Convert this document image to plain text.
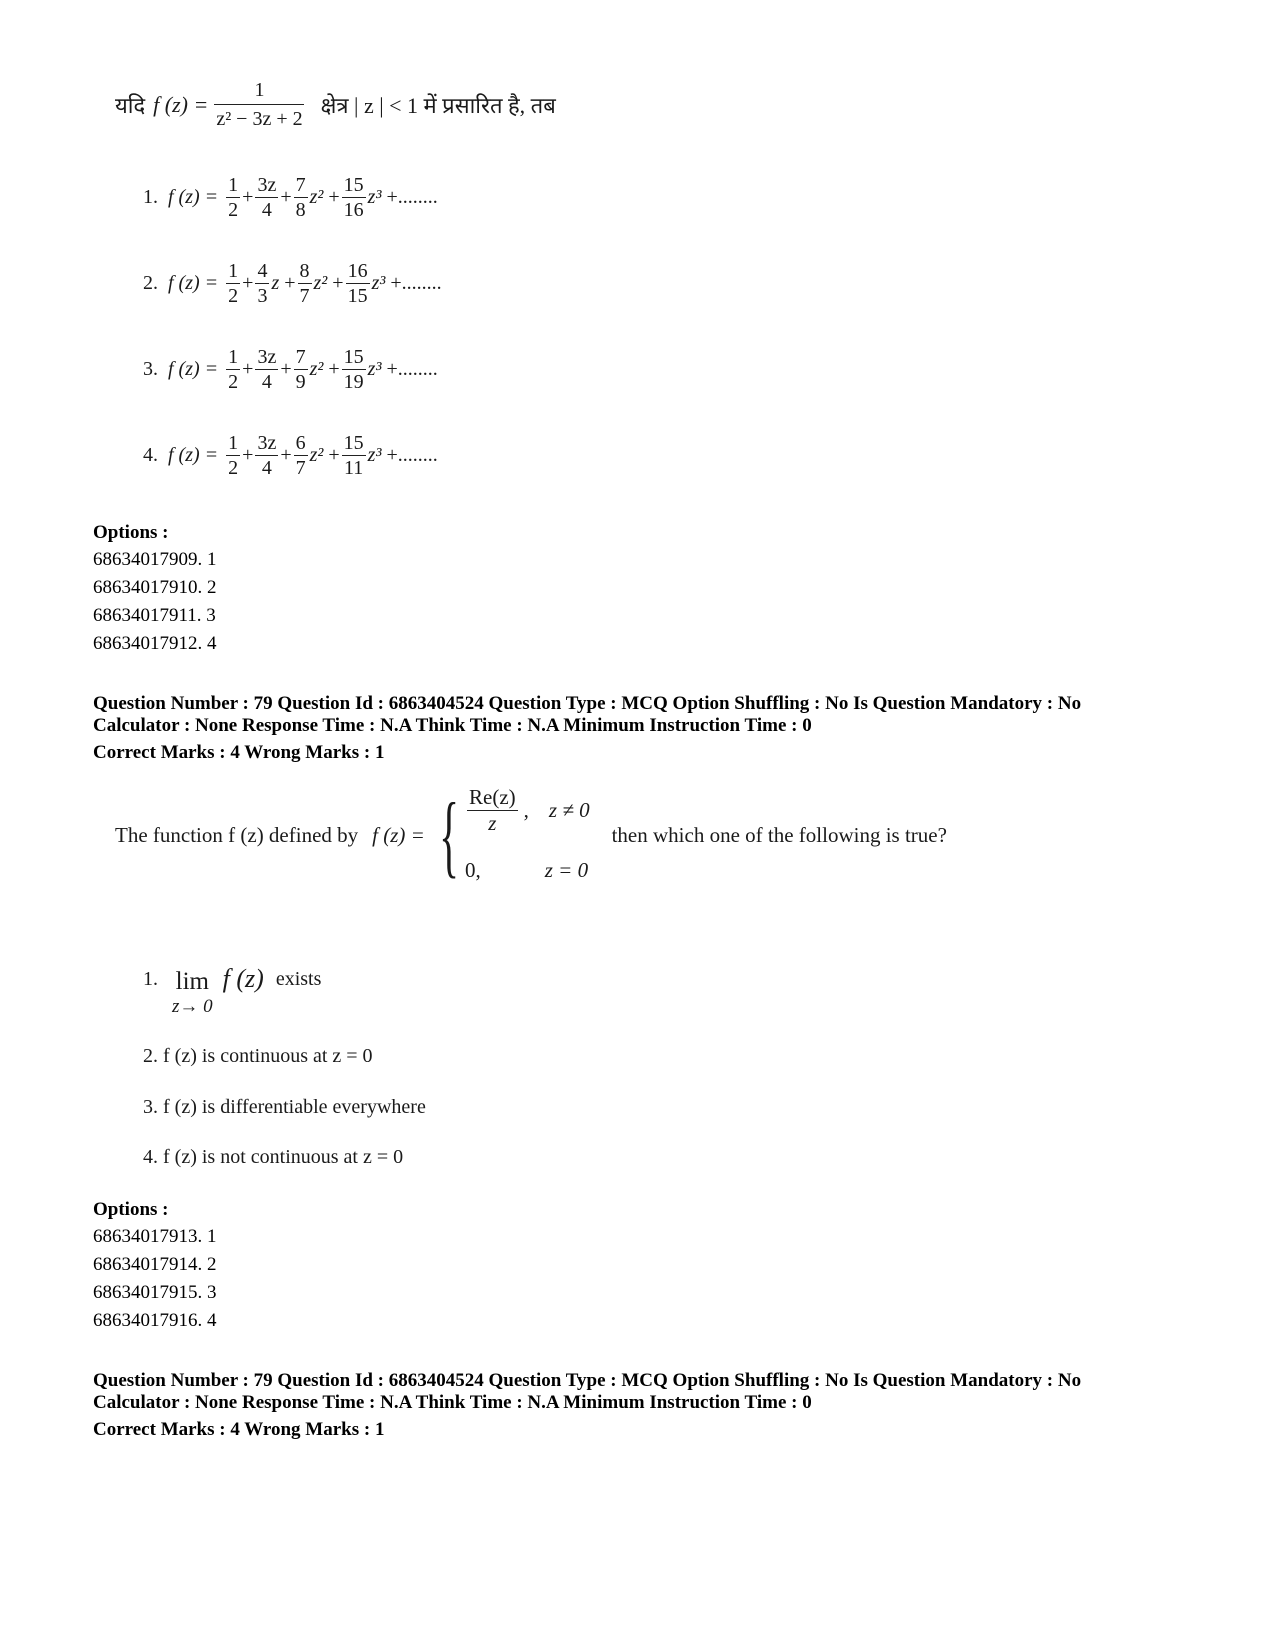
यदि f $(z) = \frac{1}{\text{z² − 3z + 2}}$ क्षेत्र | z | < 1 में प्रसारित है, तब
1. f $(z) = \frac{1}{2} + \frac{3z}{4} + \frac{7}{8} z^2 + \frac{15}{16} z^3$ +........
2. f $(z) = \frac{1}{2} + \frac{4}{3}$ $z + \frac{8}{7} z^2 + \frac{16}{15} z^3$ +........
3. f $(z) = \frac{1}{2} + \frac{3z}{4} + \frac{7}{9} z^2 + \frac{15}{19} z^3$ +........
4. f $(z) = \frac{1}{2} + \frac{3z}{4} + \frac{6}{7} z^2 + \frac{15}{11} z^3$ +........
Options :
68634017909. 1
68634017910. 2
68634017911. 3
68634017912. 4
Question Number : 79 Question Id : 6863404524 Question Type : MCQ Option Shuffling : No Is Question Mandatory : No
Calculator : None Response Time : N.A Think Time : N.A Minimum Instruction Time : 0
Correct Marks : 4 Wrong Marks : 1
The function f (z) defined by f (z) = { $\frac{Re(z)}{z}$ , z ≠ 0
0,	z = 0
then which one of the following is true?
1. lim
z→ 0
f (z) exists
2. f (z) is continuous at z = 0
3. f (z) is differentiable everywhere
4. f (z) is not continuous at z = 0
Options :
68634017913. 1
68634017914. 2
68634017915. 3
68634017916. 4
Question Number : 79 Question Id : 6863404524 Question Type : MCQ Option Shuffling : No Is Question Mandatory : No
Calculator : None Response Time : N.A Think Time : N.A Minimum Instruction Time : 0
Correct Marks : 4 Wrong Marks : 1
